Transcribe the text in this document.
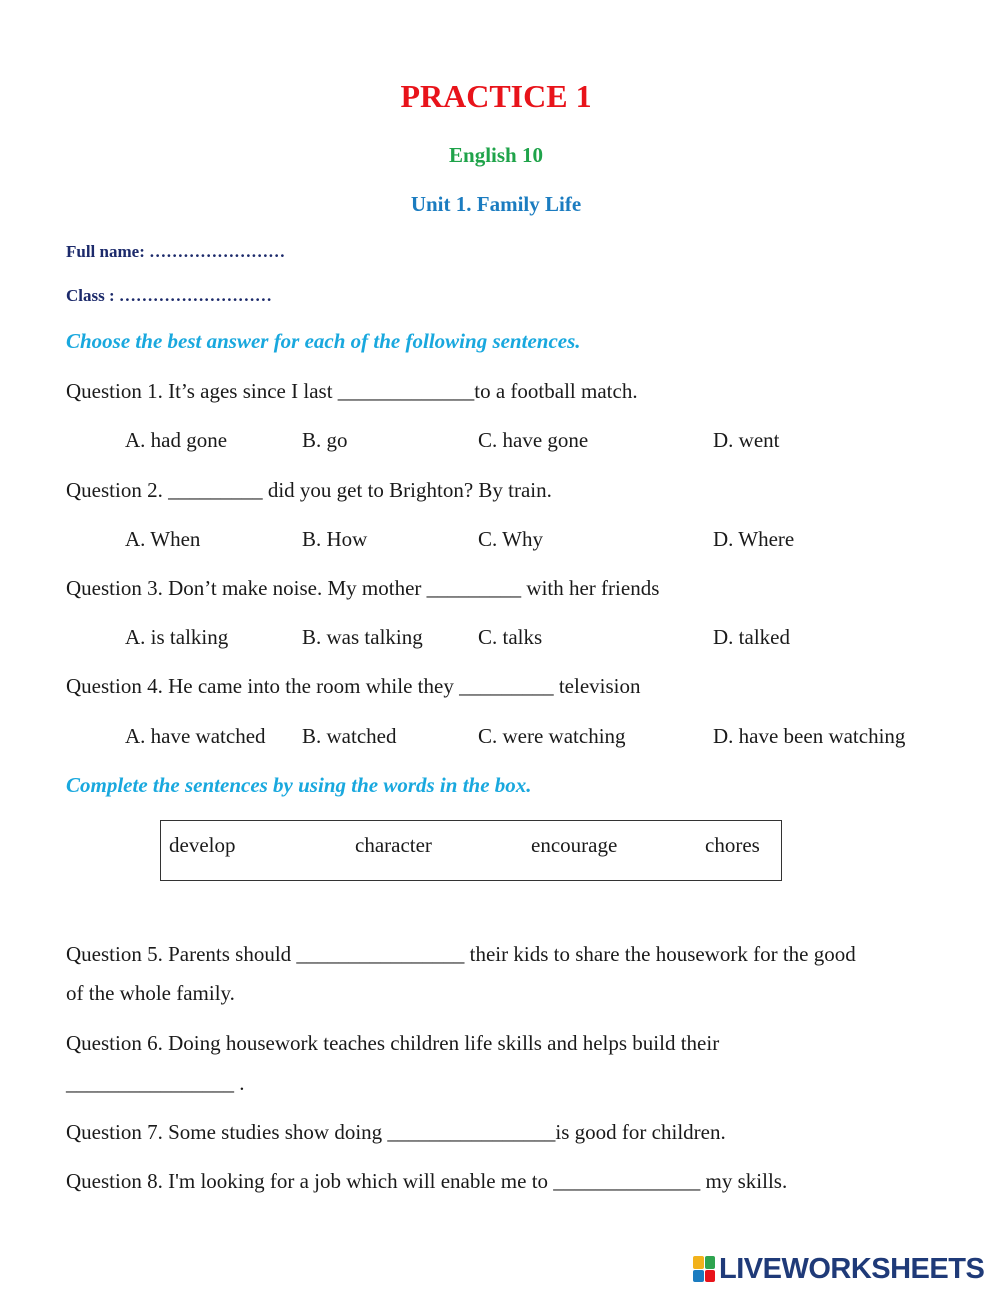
PRACTICE 1
English 10
Unit 1. Family Life
Full name: ……………………
Class : ………………………
Choose the best answer for each of the following sentences.
Question 1. It’s ages since I last _____________to a football match.
A. had gone	B. go	C. have gone	D. went
Question 2. _________ did you get to Brighton? By train.
A. When	B. How	C. Why	D. Where
Question 3. Don’t make noise. My mother _________ with her friends
A. is talking	B. was talking	C. talks	D. talked
Question 4. He came into the room while they _________ television
A. have watched B. watched	C. were watching	D. have been watching
Complete the sentences by using the words in the box.
develop	character	encourage	chores
Question 5. Parents should ________________ their kids to share the housework for the good
of the whole family.
Question 6. Doing housework teaches children life skills and helps build their
________________ .
Question 7. Some studies show doing ________________is good for children.
Question 8. I'm looking for a job which will enable me to ______________ my skills.
LIVEWORKSHEETS
